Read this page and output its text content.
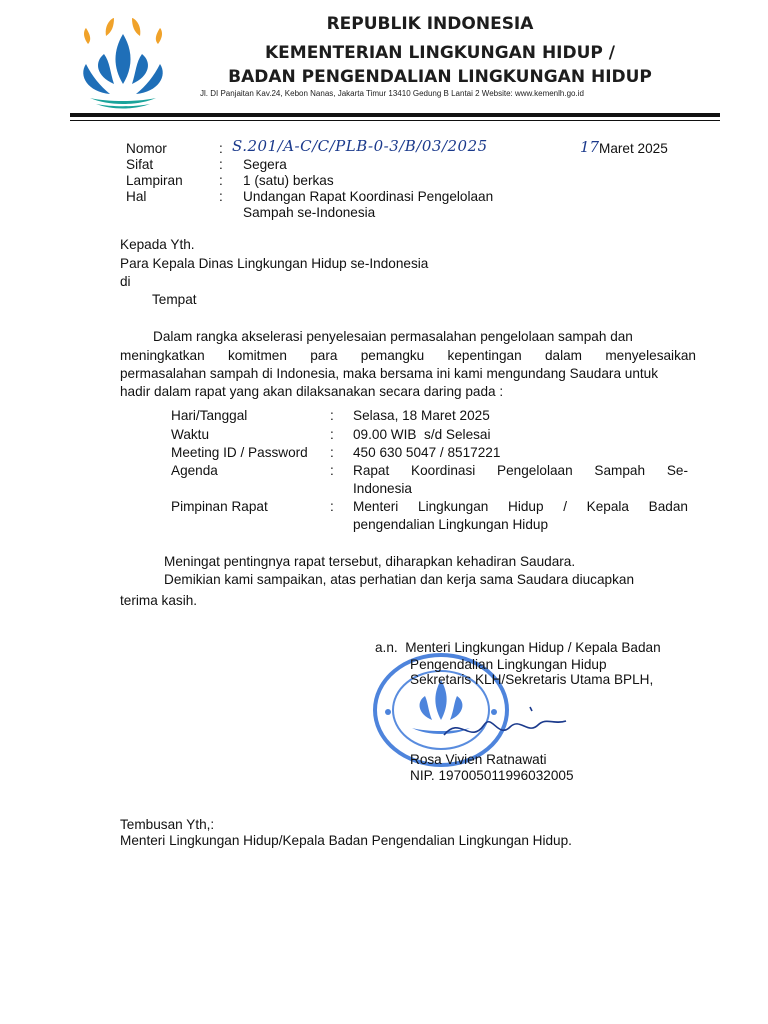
REPUBLIK INDONESIA
KEMENTERIAN LINGKUNGAN HIDUP /
BADAN PENGENDALIAN LINGKUNGAN HIDUP
Jl. DI Panjaitan Kav.24, Kebon Nanas, Jakarta Timur 13410 Gedung B Lantai 2 Website: www.kemenlh.go.id
Nomor	: S.201/A-C/C/PLB-0-3/B/03/2025	17 Maret 2025
Sifat	: Segera
Lampiran	: 1 (satu) berkas
Hal	: Undangan Rapat Koordinasi Pengelolaan
Sampah se-Indonesia
Kepada Yth.
Para Kepala Dinas Lingkungan Hidup se-Indonesia
di
Tempat
Dalam rangka akselerasi penyelesaian permasalahan pengelolaan sampah dan
meningkatkan komitmen para pemangku kepentingan dalam menyelesaikan
permasalahan sampah di Indonesia, maka bersama ini kami mengundang Saudara untuk
hadir dalam rapat yang akan dilaksanakan secara daring pada :
Hari/Tanggal	: Selasa, 18 Maret 2025
Waktu	: 09.00 WIB  s/d Selesai
Meeting ID / Password : 450 630 5047 / 8517221
Agenda	: Rapat Koordinasi Pengelolaan Sampah Se-
Indonesia
Pimpinan Rapat	: Menteri Lingkungan Hidup / Kepala Badan
pengendalian Lingkungan Hidup
Meningat pentingnya rapat tersebut, diharapkan kehadiran Saudara.
Demikian kami sampaikan, atas perhatian dan kerja sama Saudara diucapkan
terima kasih.
a.n.  Menteri Lingkungan Hidup / Kepala Badan
Pengendalian Lingkungan Hidup
Sekretaris KLH/Sekretaris Utama BPLH,
Rosa Vivien Ratnawati
NIP. 197005011996032005
Tembusan Yth,:
Menteri Lingkungan Hidup/Kepala Badan Pengendalian Lingkungan Hidup.
